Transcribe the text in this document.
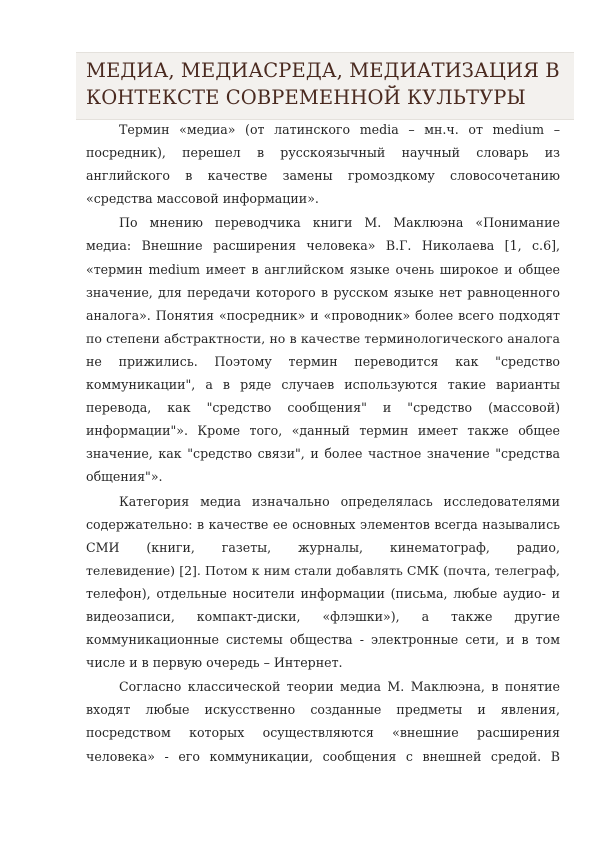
МЕДИА, МЕДИАСРЕДА, МЕДИАТИЗАЦИЯ В
КОНТЕКСТЕ СОВРЕМЕННОЙ КУЛЬТУРЫ

Термин «медиа» (от латинского media – мн.ч. от medium –
посредник), перешел в русскоязычный научный словарь из
английского в качестве замены громоздкому словосочетанию
«средства массовой информации».

По мнению переводчика книги М. Маклюэна «Понимание
медиа: Внешние расширения человека» В.Г. Николаева [1, с.6],
«термин medium имеет в английском языке очень широкое и общее
значение, для передачи которого в русском языке нет равноценного
аналога». Понятия «посредник» и «проводник» более всего подходят
по степени абстрактности, но в качестве терминологического аналога
не прижились. Поэтому термин переводится как "средство
коммуникации", а в ряде случаев используются такие варианты
перевода, как "средство сообщения" и "средство (массовой)
информации"». Кроме того, «данный термин имеет также общее
значение, как "средство связи", и более частное значение "средства
общения"».

Категория медиа изначально определялась исследователями
содержательно: в качестве ее основных элементов всегда назывались
СМИ (книги, газеты, журналы, кинематограф, радио,
телевидение) [2]. Потом к ним стали добавлять СМК (почта, телеграф,
телефон), отдельные носители информации (письма, любые аудио- и
видеозаписи, компакт-диски, «флэшки»), а также другие
коммуникационные системы общества - электронные сети, и в том
числе и в первую очередь – Интернет.

Согласно классической теории медиа М. Маклюэна, в понятие
входят любые искусственно созданные предметы и явления,
посредством которых осуществляются «внешние расширения
человека» - его коммуникации, сообщения с внешней средой. В
